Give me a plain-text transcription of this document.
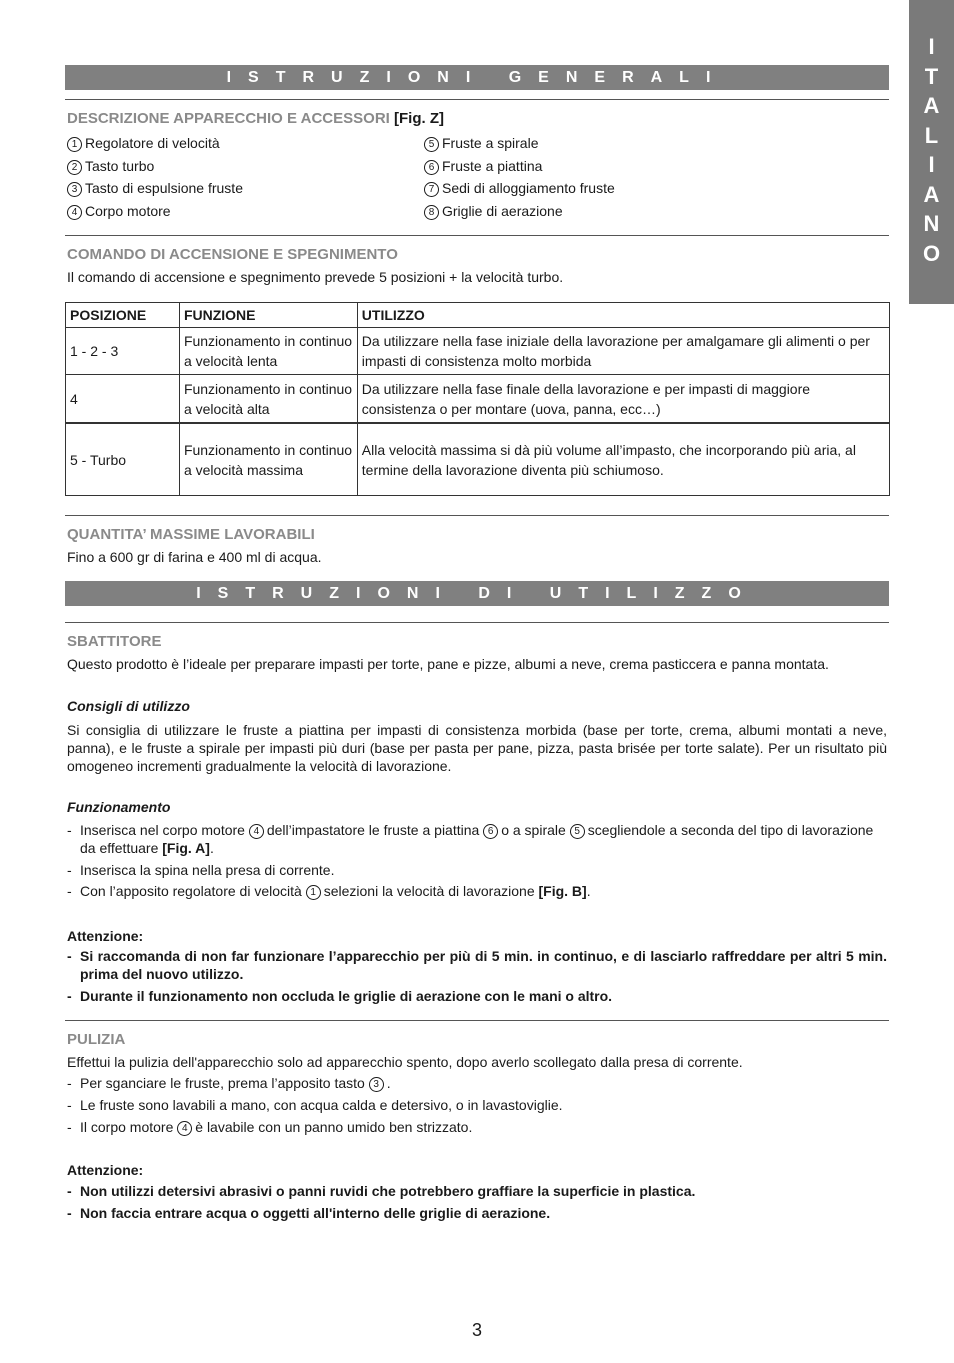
I
T
A
L
I
A
N
O
ISTRUZIONI GENERALI
DESCRIZIONE APPARECCHIO E ACCESSORI [Fig. Z]
1 Regolatore di velocità
2 Tasto turbo
3 Tasto di espulsione fruste
4 Corpo motore
5 Fruste a spirale
6 Fruste a piattina
7 Sedi di alloggiamento fruste
8 Griglie di aerazione
COMANDO DI ACCENSIONE E SPEGNIMENTO
Il comando di accensione e spegnimento prevede 5 posizioni + la velocità turbo.
POSIZIONE	FUNZIONE	UTILIZZO
1 - 2 - 3	Funzionamento in continuo a velocità lenta	Da utilizzare nella fase iniziale della lavorazione per amalgamare gli alimenti o per impasti di consistenza molto morbida
4	Funzionamento in continuo a velocità alta	Da utilizzare nella fase finale della lavorazione e per impasti di maggiore consistenza o per montare (uova, panna, ecc…)
5 - Turbo	Funzionamento in continuo a velocità massima	Alla velocità massima si dà più volume all’impasto, che incorporando più aria, al termine della lavorazione diventa più schiumoso.
QUANTITA’ MASSIME LAVORABILI
Fino a 600 gr di farina e 400 ml di acqua.
ISTRUZIONI DI UTILIZZO
SBATTITORE
Questo prodotto è l’ideale per preparare impasti per torte, pane e pizze, albumi a neve, crema pasticcera e panna montata.
Consigli di utilizzo
Si consiglia di utilizzare le fruste a piattina per impasti di consistenza morbida (base per torte, crema, albumi montati a neve, panna), e le fruste a spirale per impasti più duri (base per pasta per pane, pizza, pasta brisée per torte salate). Per un risultato più omogeneo incrementi gradualmente la velocità di lavorazione.
Funzionamento
- Inserisca nel corpo motore 4 dell’impastatore le fruste a piattina 6 o a spirale 5 scegliendole a seconda del tipo di lavorazione da effettuare [Fig. A].
- Inserisca la spina nella presa di corrente.
- Con l’apposito regolatore di velocità 1 selezioni la velocità di lavorazione [Fig. B].
Attenzione:
- Si raccomanda di non far funzionare l’apparecchio per più di 5 min. in continuo, e di lasciarlo raffreddare per altri 5 min. prima del nuovo utilizzo.
- Durante il funzionamento non occluda le griglie di aerazione con le mani o altro.
PULIZIA
Effettui la pulizia dell'apparecchio solo ad apparecchio spento, dopo averlo scollegato dalla presa di corrente.
- Per sganciare le fruste, prema l’apposito tasto 3 .
- Le fruste sono lavabili a mano, con acqua calda e detersivo, o in lavastoviglie.
- Il corpo motore 4 è lavabile con un panno umido ben strizzato.
Attenzione:
- Non utilizzi detersivi abrasivi o panni ruvidi che potrebbero graffiare la superficie in plastica.
- Non faccia entrare acqua o oggetti all'interno delle griglie di aerazione.
3
